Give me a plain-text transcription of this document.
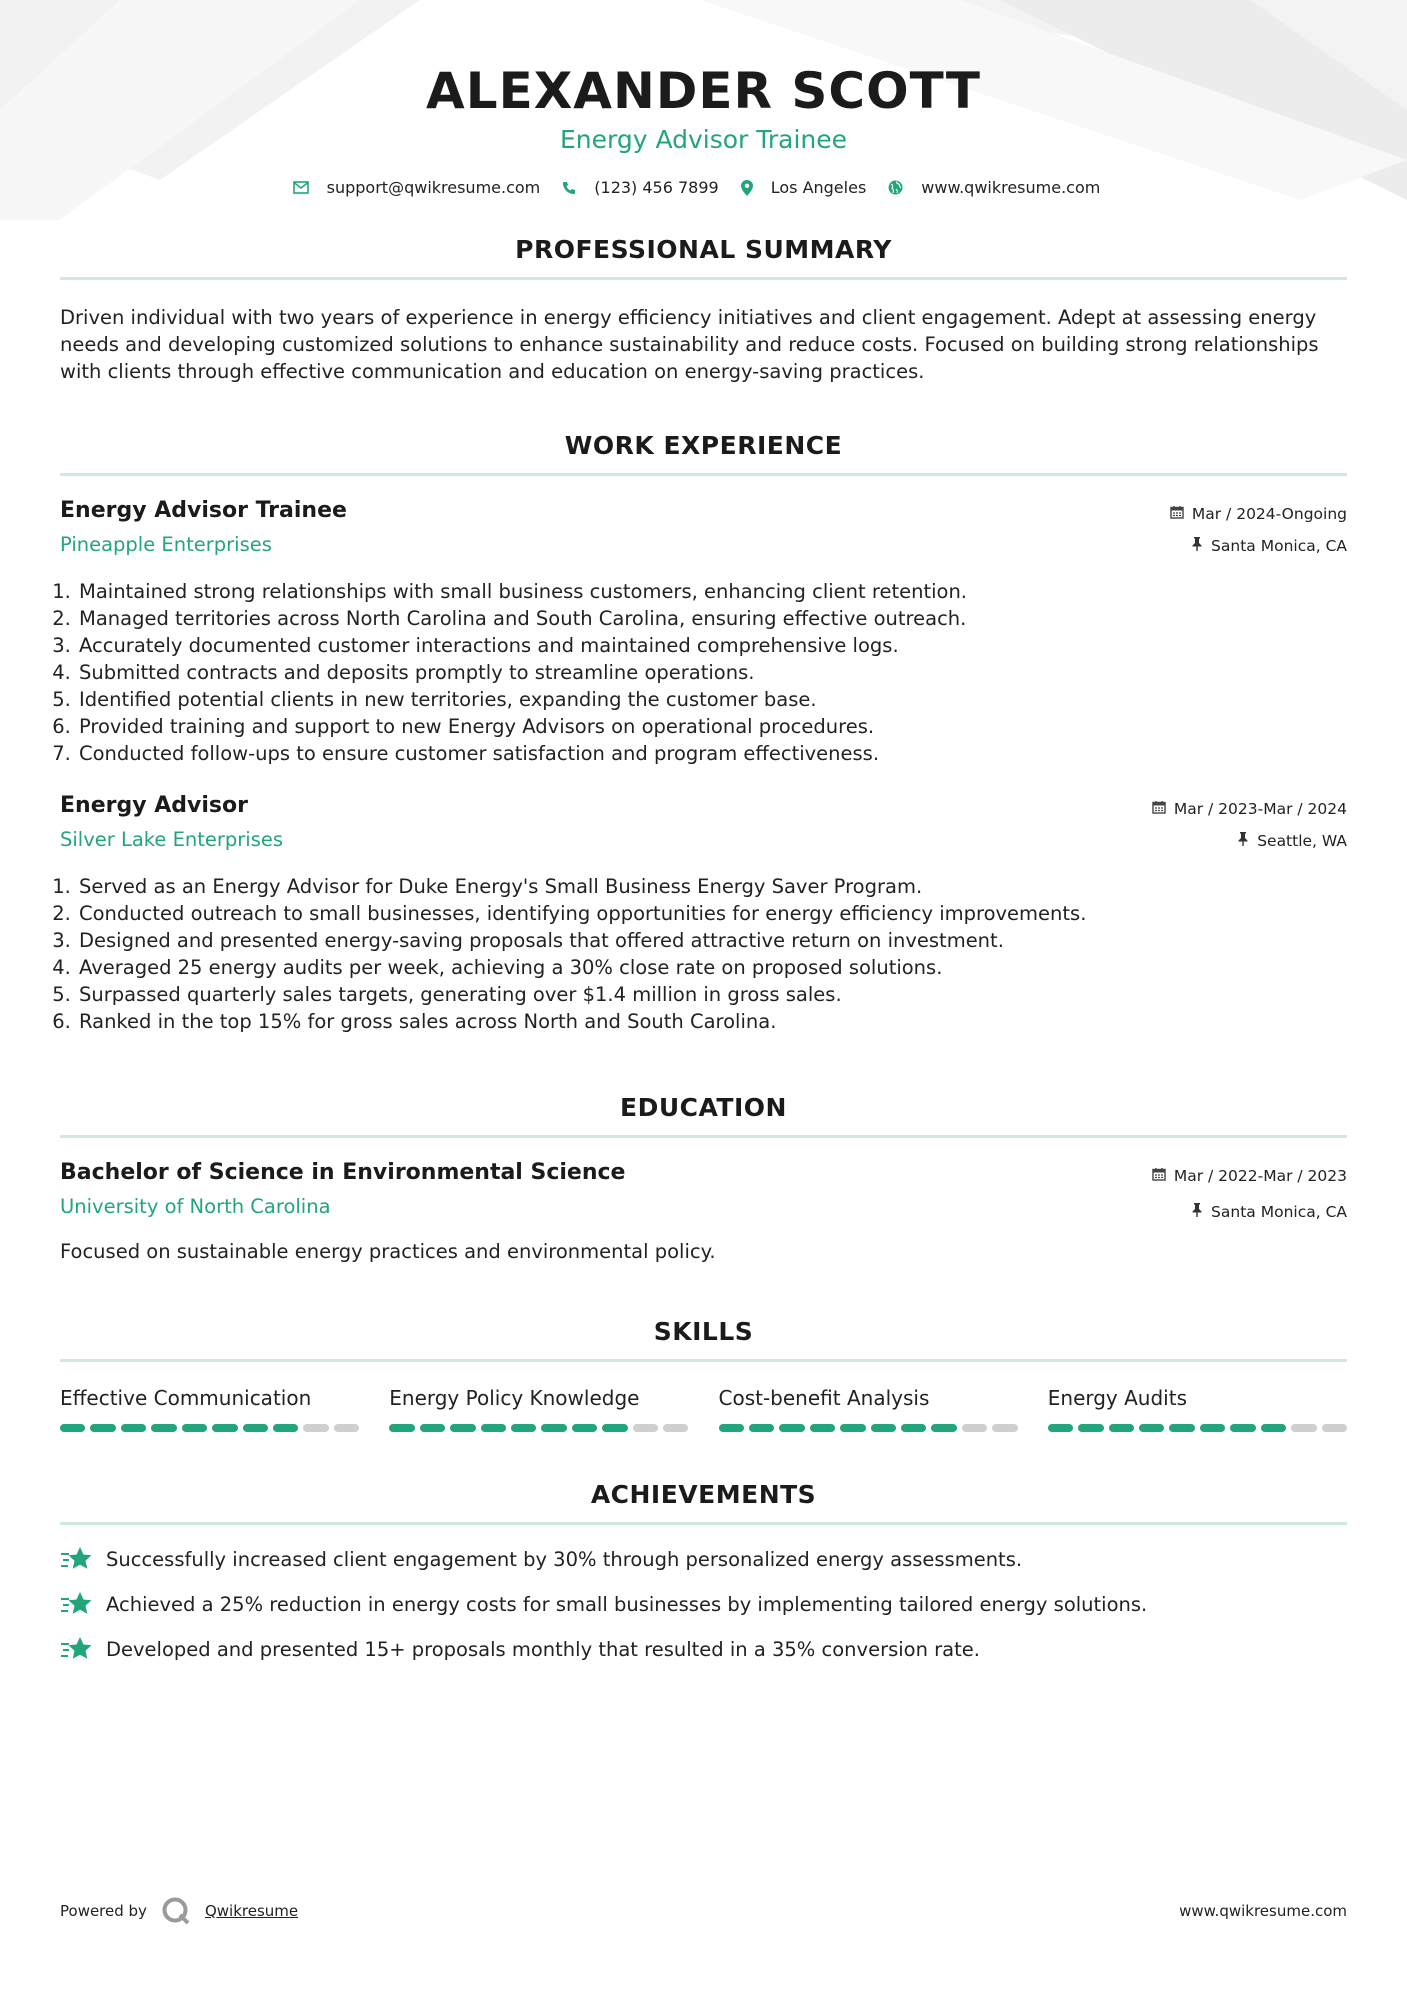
ALEXANDER SCOTT
Energy Advisor Trainee
support@qwikresume.com	(123) 456 7899	Los Angeles	www.qwikresume.com
PROFESSIONAL SUMMARY
Driven individual with two years of experience in energy efficiency initiatives and client engagement. Adept at assessing energy needs and developing customized solutions to enhance sustainability and reduce costs. Focused on building strong relationships with clients through effective communication and education on energy-saving practices.
WORK EXPERIENCE
Energy Advisor Trainee
Pineapple Enterprises
Mar / 2024-Ongoing
Santa Monica, CA
1. Maintained strong relationships with small business customers, enhancing client retention.
2. Managed territories across North Carolina and South Carolina, ensuring effective outreach.
3. Accurately documented customer interactions and maintained comprehensive logs.
4. Submitted contracts and deposits promptly to streamline operations.
5. Identified potential clients in new territories, expanding the customer base.
6. Provided training and support to new Energy Advisors on operational procedures.
7. Conducted follow-ups to ensure customer satisfaction and program effectiveness.
Energy Advisor
Silver Lake Enterprises
Mar / 2023-Mar / 2024
Seattle, WA
1. Served as an Energy Advisor for Duke Energy's Small Business Energy Saver Program.
2. Conducted outreach to small businesses, identifying opportunities for energy efficiency improvements.
3. Designed and presented energy-saving proposals that offered attractive return on investment.
4. Averaged 25 energy audits per week, achieving a 30% close rate on proposed solutions.
5. Surpassed quarterly sales targets, generating over $1.4 million in gross sales.
6. Ranked in the top 15% for gross sales across North and South Carolina.
EDUCATION
Bachelor of Science in Environmental Science
University of North Carolina
Mar / 2022-Mar / 2023
Santa Monica, CA
Focused on sustainable energy practices and environmental policy.
SKILLS
Effective Communication	Energy Policy Knowledge	Cost-benefit Analysis	Energy Audits
ACHIEVEMENTS
Successfully increased client engagement by 30% through personalized energy assessments.
Achieved a 25% reduction in energy costs for small businesses by implementing tailored energy solutions.
Developed and presented 15+ proposals monthly that resulted in a 35% conversion rate.
Powered by	Qwikresume	www.qwikresume.com
